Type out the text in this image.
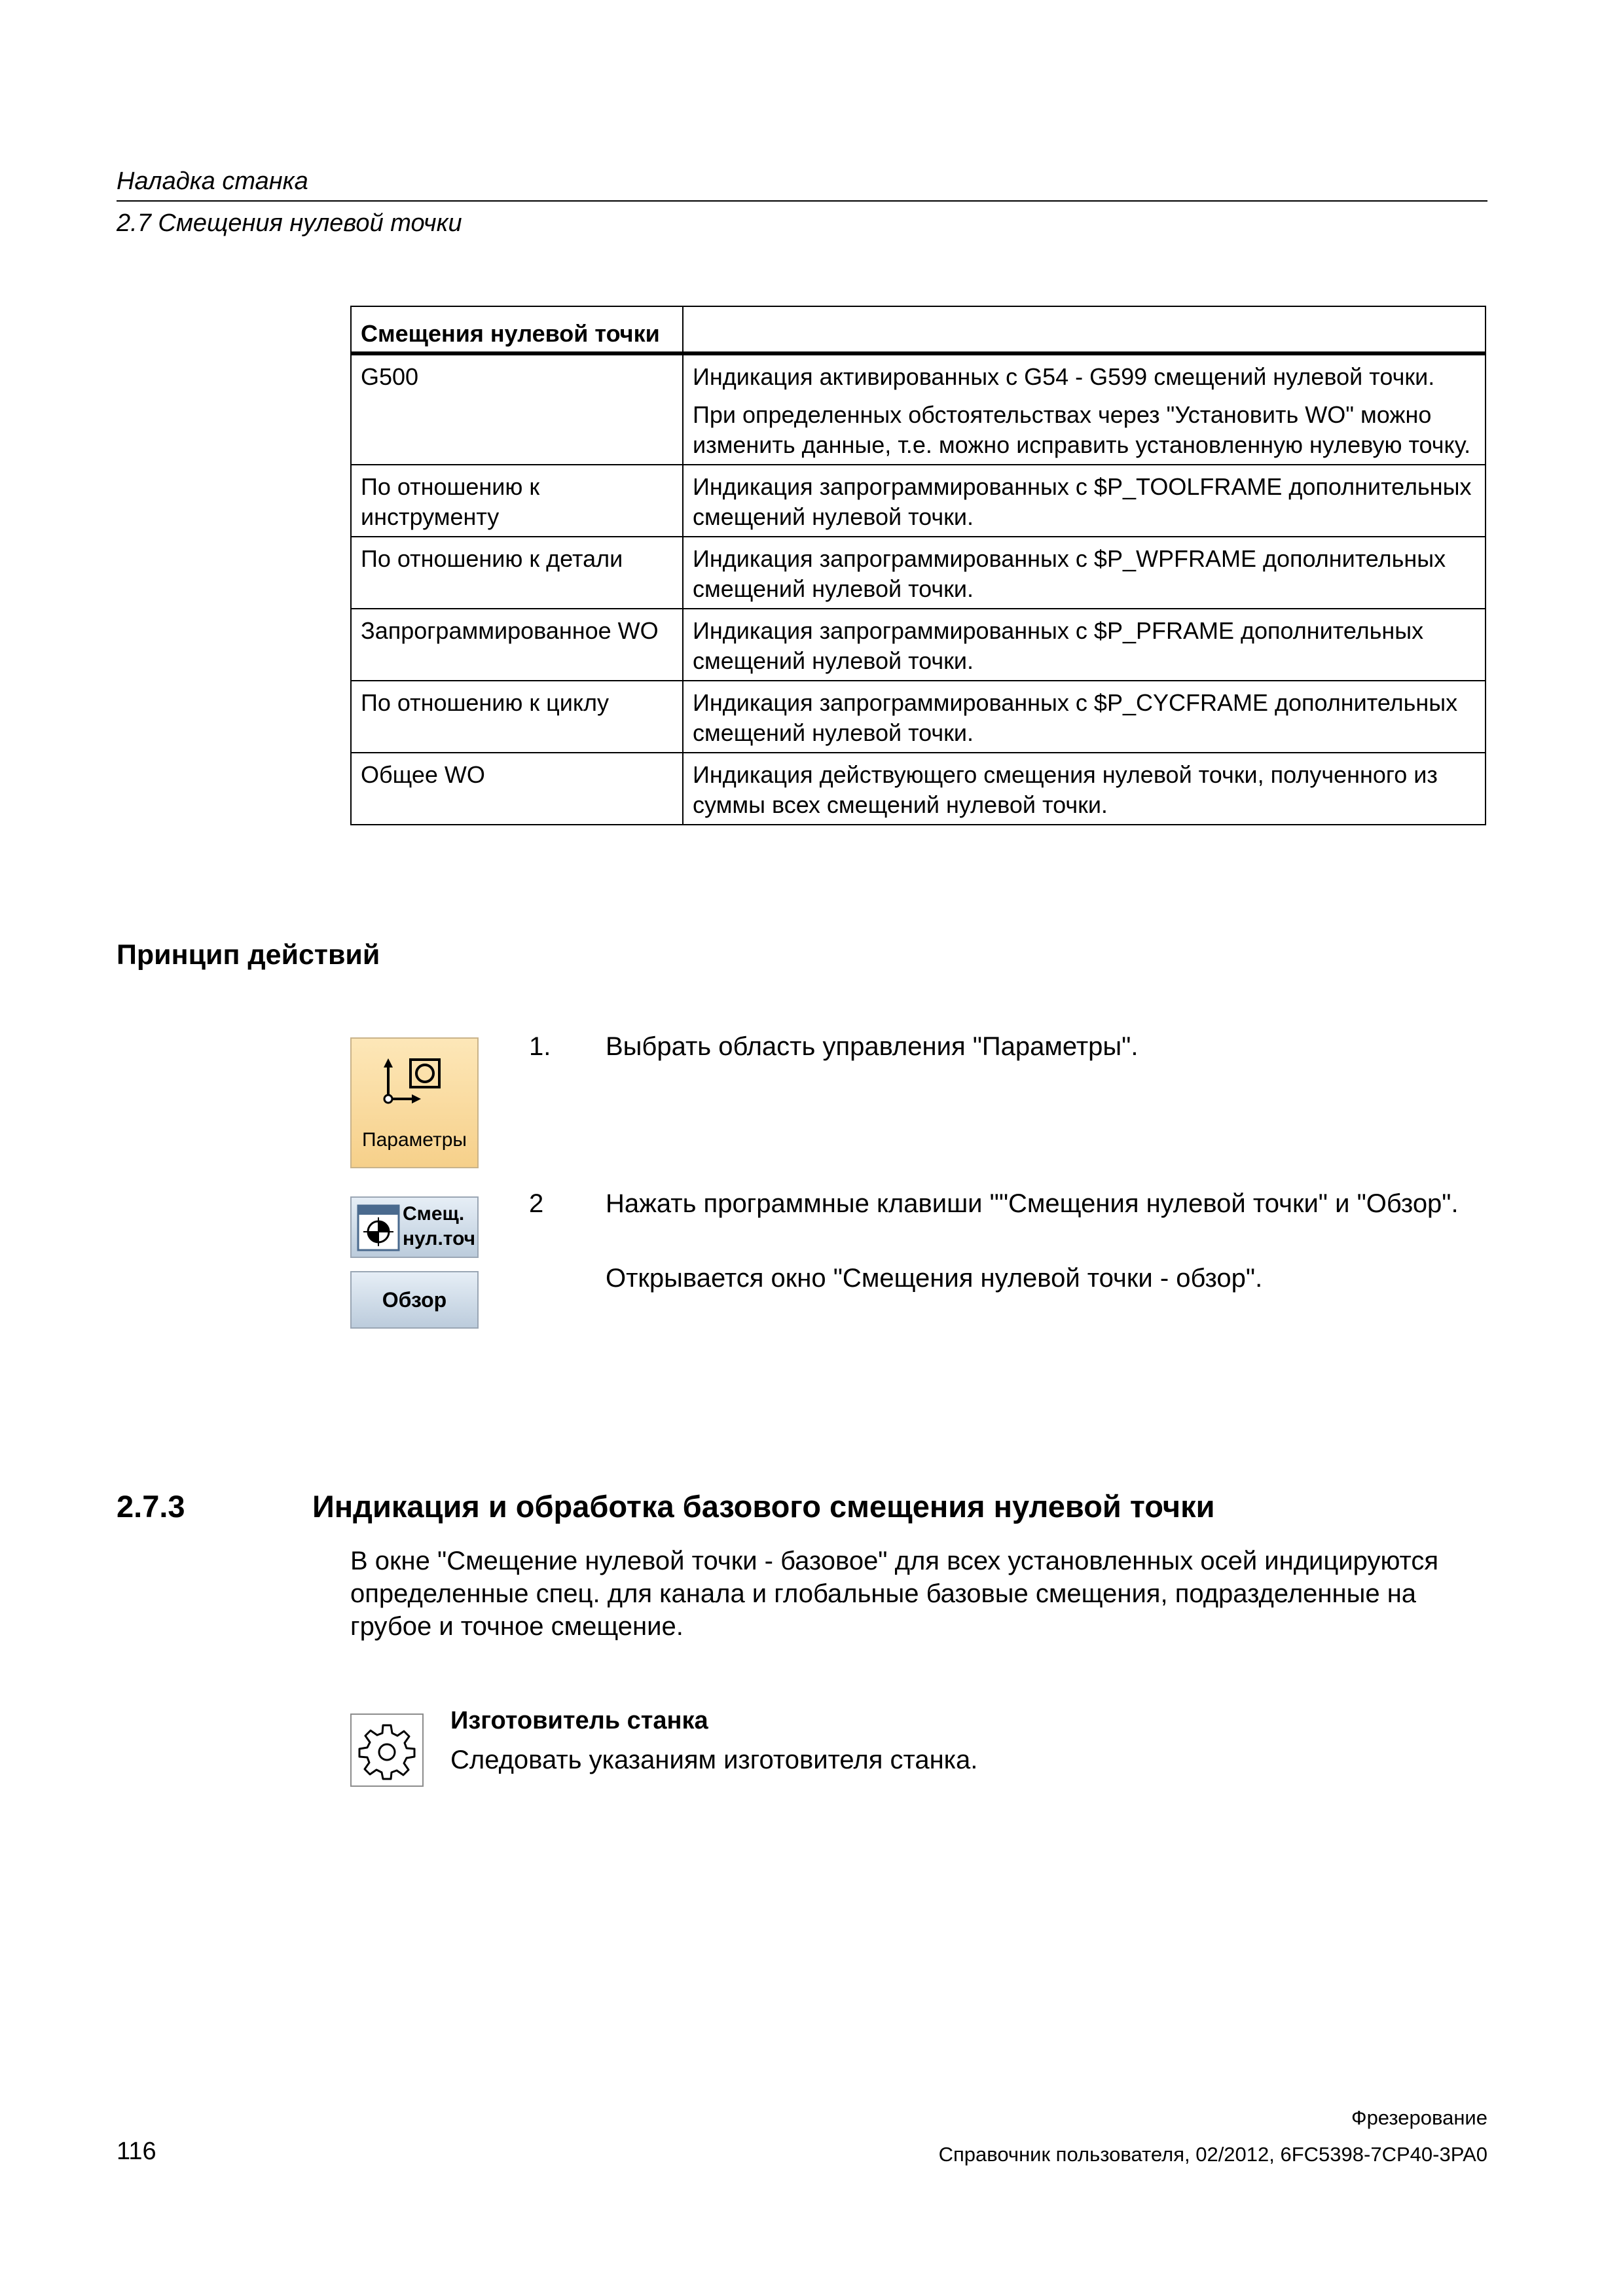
Наладка станка
2.7 Смещения нулевой точки
Смещения нулевой точки	
G500	Индикация активированных с G54 - G599 смещений нулевой точки.

При определенных обстоятельствах через "Установить WO" можно изменить данные, т.е. можно исправить установленную нулевую точку.

По отношению к инструменту	Индикация запрограммированных с $P_TOOLFRAME дополнительных смещений нулевой точки.
По отношению к детали	Индикация запрограммированных с $P_WPFRAME дополнительных смещений нулевой точки.
Запрограммированное WO	Индикация запрограммированных с $P_PFRAME дополнительных смещений нулевой точки.
По отношению к циклу	Индикация запрограммированных с $P_CYCFRAME дополнительных смещений нулевой точки.
Общее WO	Индикация действующего смещения нулевой точки, полученного из суммы всех смещений нулевой точки.
Принцип действий
Параметры
Смещ.
нул.точ
Обзор
1. Выбрать область управления "Параметры".
2 Нажать программные клавиши ""Смещения нулевой точки" и "Обзор".
Открывается окно "Смещения нулевой точки - обзор".
2.7.3	Индикация и обработка базового смещения нулевой точки
В окне "Смещение нулевой точки - базовое" для всех установленных осей индицируются определенные спец. для канала и глобальные базовые смещения, подразделенные на грубое и точное смещение.
Изготовитель станка
Следовать указаниям изготовителя станка.
Фрезерование
116	Справочник пользователя, 02/2012, 6FC5398-7CP40-3PA0
